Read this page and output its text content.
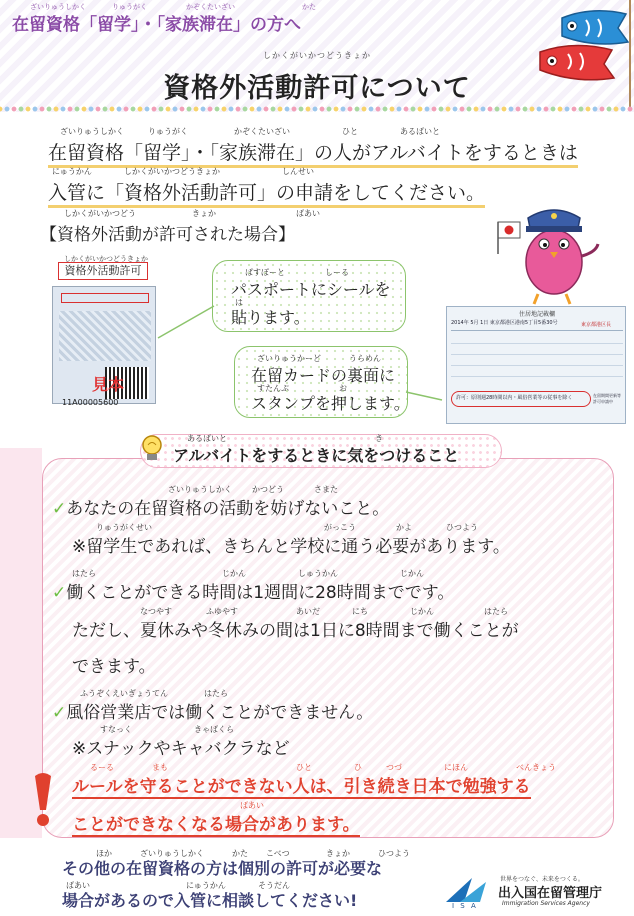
ざいりゅうしかく	りゅうがく	かぞくたいざい	かた
在留資格「留学」・「家族滞在」の方へ
しかくがいかつどうきょか
資格外活動許可について
ざいりゅうしかく	りゅうがく	かぞくたいざい	ひと	あるばいと
在留資格「留学」・「家族滞在」の人がアルバイトをするときは
にゅうかん	しかくがいかつどうきょか	しんせい
入管に「資格外活動許可」の申請をしてください。
しかくがいかつどう	きょか	ばあい
【資格外活動が許可された場合】
しかくがいかつどうきょか
資格外活動許可
見本
11A00005600
ぱすぽーと	しーる
パスポートにシールを
は
貼ります。
ざいりゅうかーど	うらめん
在留カードの裏面に
すたんぷ	お
スタンプを押します。
住居地記載欄
2014年 5月 1日 東京都港区港南5丁目5番30号	東京都港区長
許可：原則週28時間以内・風俗営業等の従事を除く	在留期間更新等許可申請中
あるばいと	き
アルバイトをするときに気をつけること
ざいりゅうしかく	かつどう	さまた
✓あなたの在留資格の活動を妨げないこと。
りゅうがくせい	がっこう	かよ	ひつよう
※留学生であれば、きちんと学校に通う必要があります。
はたら	じかん	しゅうかん	じかん
✓働くことができる時間は1週間に28時間までです。
なつやす	ふゆやす	あいだ	にち	じかん	はたら
ただし、夏休みや冬休みの間は1日に8時間まで働くことが
できます。
ふうぞくえいぎょうてん	はたら
✓風俗営業店では働くことができません。
すなっく	きゃばくら
※スナックやキャバクラなど
るーる	まも	ひと	ひ	つづ	にほん	べんきょう
ルールを守ることができない人は、引き続き日本で勉強する
ばあい
ことができなくなる場合があります。
ほか	ざいりゅうしかく	かた こべつ	きょか	ひつよう
その他の在留資格の方は個別の許可が必要な
ばあい	にゅうかん	そうだん
場合があるので入管に相談してください!	I S A
世界をつなぐ、未来をつくる。
出入国在留管理庁
Immigration Services Agency
